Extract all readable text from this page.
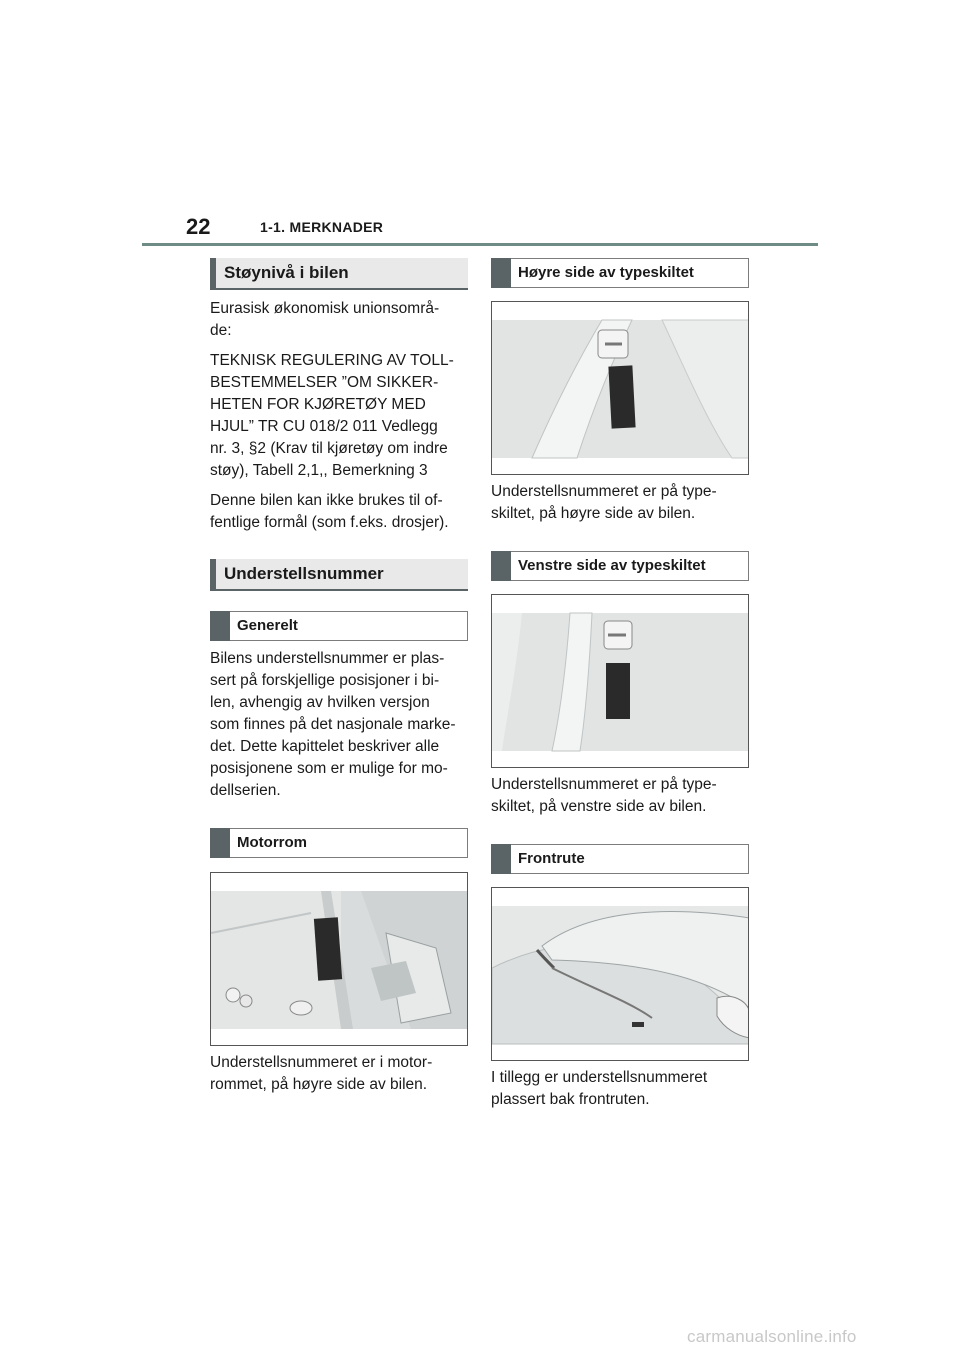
22	1-1. MERKNADER
Støynivå i bilen
Eurasisk økonomisk unionsområ-
de:
TEKNISK REGULERING AV TOLL-
BESTEMMELSER ”OM SIKKER-
HETEN FOR KJØRETØY MED
HJUL” TR CU 018/2 011 Vedlegg
nr. 3, §2 (Krav til kjøretøy om indre
støy), Tabell 2,1,, Bemerkning 3
Denne bilen kan ikke brukes til of-
fentlige formål (som f.eks. drosjer).
Understellsnummer
Generelt
Bilens understellsnummer er plas-
sert på forskjellige posisjoner i bi-
len, avhengig av hvilken versjon
som finnes på det nasjonale marke-
det. Dette kapittelet beskriver alle
posisjonene som er mulige for mo-
dellserien.
Motorrom
Understellsnummeret er i motor-
rommet, på høyre side av bilen.
Høyre side av typeskiltet
Understellsnummeret er på type-
skiltet, på høyre side av bilen.
Venstre side av typeskiltet
Understellsnummeret er på type-
skiltet, på venstre side av bilen.
Frontrute
I tillegg er understellsnummeret
plassert bak frontruten.
carmanualsonline.info
